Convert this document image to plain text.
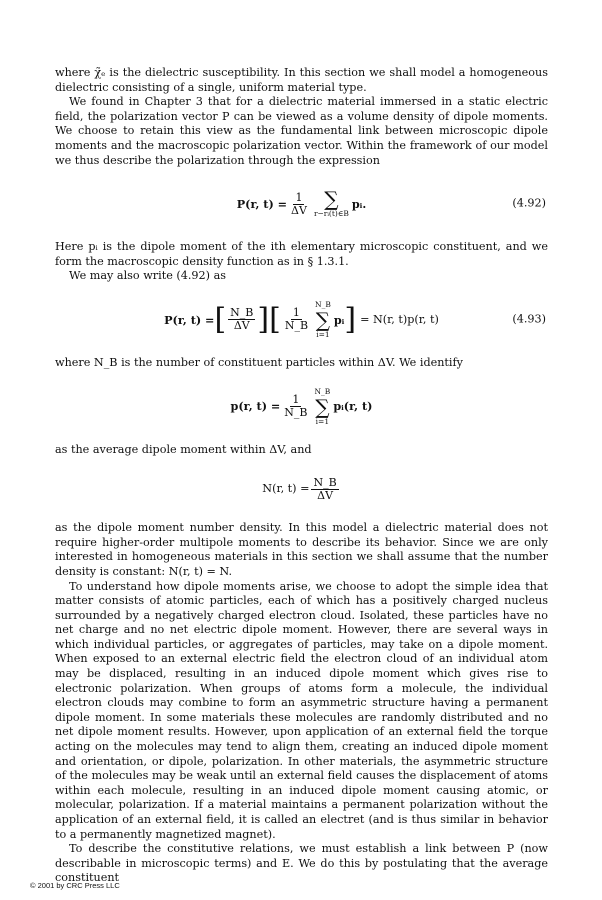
where χ̃ₑ is the dielectric susceptibility. In this section we shall model a homogeneous dielectric consisting of a single, uniform material type.

We found in Chapter 3 that for a dielectric material immersed in a static electric field, the polarization vector P can be viewed as a volume density of dipole moments. We choose to retain this view as the fundamental link between microscopic dipole moments and the macroscopic polarization vector. Within the framework of our model we thus describe the polarization through the expression

P(r, $t) = \frac{1}{\Delta V}$ ∑
r−rᵢ(t)∈B
pᵢ.	(4.92)

Here pᵢ is the dipole moment of the ith elementary microscopic constituent, and we form the macroscopic density function as in § 1.3.1.

We may also write (4.92) as

P(r, t) = [ $\frac{N\_B}{\Delta V}$ ] [ $\frac{1}{N\_B}$
N_B
∑
i=1
pᵢ ] = N(r, t)p(r, t)	(4.93)

where N_B is the number of constituent particles within ΔV. We identify

p(r, $t) = \frac{1}{N\_B}$
N_B
∑
i=1
pᵢ(r, t)

as the average dipole moment within ΔV, and

N(r, $t) = \frac{N\_B}{\Delta V}$

as the dipole moment number density. In this model a dielectric material does not require higher-order multipole moments to describe its behavior. Since we are only interested in homogeneous materials in this section we shall assume that the number density is constant: N(r, t) = N.

To understand how dipole moments arise, we choose to adopt the simple idea that matter consists of atomic particles, each of which has a positively charged nucleus surrounded by a negatively charged electron cloud. Isolated, these particles have no net charge and no net electric dipole moment. However, there are several ways in which individual particles, or aggregates of particles, may take on a dipole moment. When exposed to an external electric field the electron cloud of an individual atom may be displaced, resulting in an induced dipole moment which gives rise to electronic polarization. When groups of atoms form a molecule, the individual electron clouds may combine to form an asymmetric structure having a permanent dipole moment. In some materials these molecules are randomly distributed and no net dipole moment results. However, upon application of an external field the torque acting on the molecules may tend to align them, creating an induced dipole moment and orientation, or dipole, polarization. In other materials, the asymmetric structure of the molecules may be weak until an external field causes the displacement of atoms within each molecule, resulting in an induced dipole moment causing atomic, or molecular, polarization. If a material maintains a permanent polarization without the application of an external field, it is called an electret (and is thus similar in behavior to a permanently magnetized magnet).

To describe the constitutive relations, we must establish a link between P (now describable in microscopic terms) and E. We do this by postulating that the average constituent

© 2001 by CRC Press LLC
